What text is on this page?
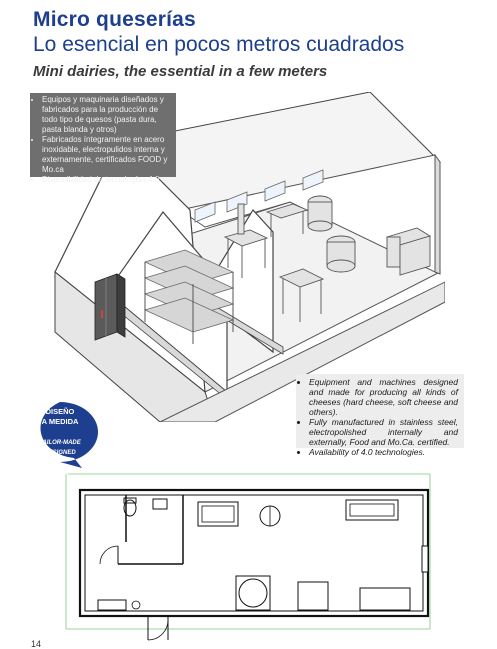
Micro queserías
Lo esencial en pocos metros cuadrados
Mini dairies, the essential in a few meters
• Equipos y maquinaria diseñados y fabricados para la producción de todo tipo de quesos (pasta dura, pasta blanda y otros)
• Fabricados íntegramente en acero inoxidable, electropulidos interna y externamente, certificados FOOD y Mo.ca
• Disponibilidad de tecnologías 4.0.
• Equipment and machines designed and made for producing all kinds of cheeses (hard cheese, soft cheese and others).
• Fully manufactured in stainless steel, electropolished internally and externally, Food and Mo.Ca. certified.
• Availability of 4.0 technologies.
DISEÑO
A MEDIDA
TAILOR-MADE
DESIGNED
14
